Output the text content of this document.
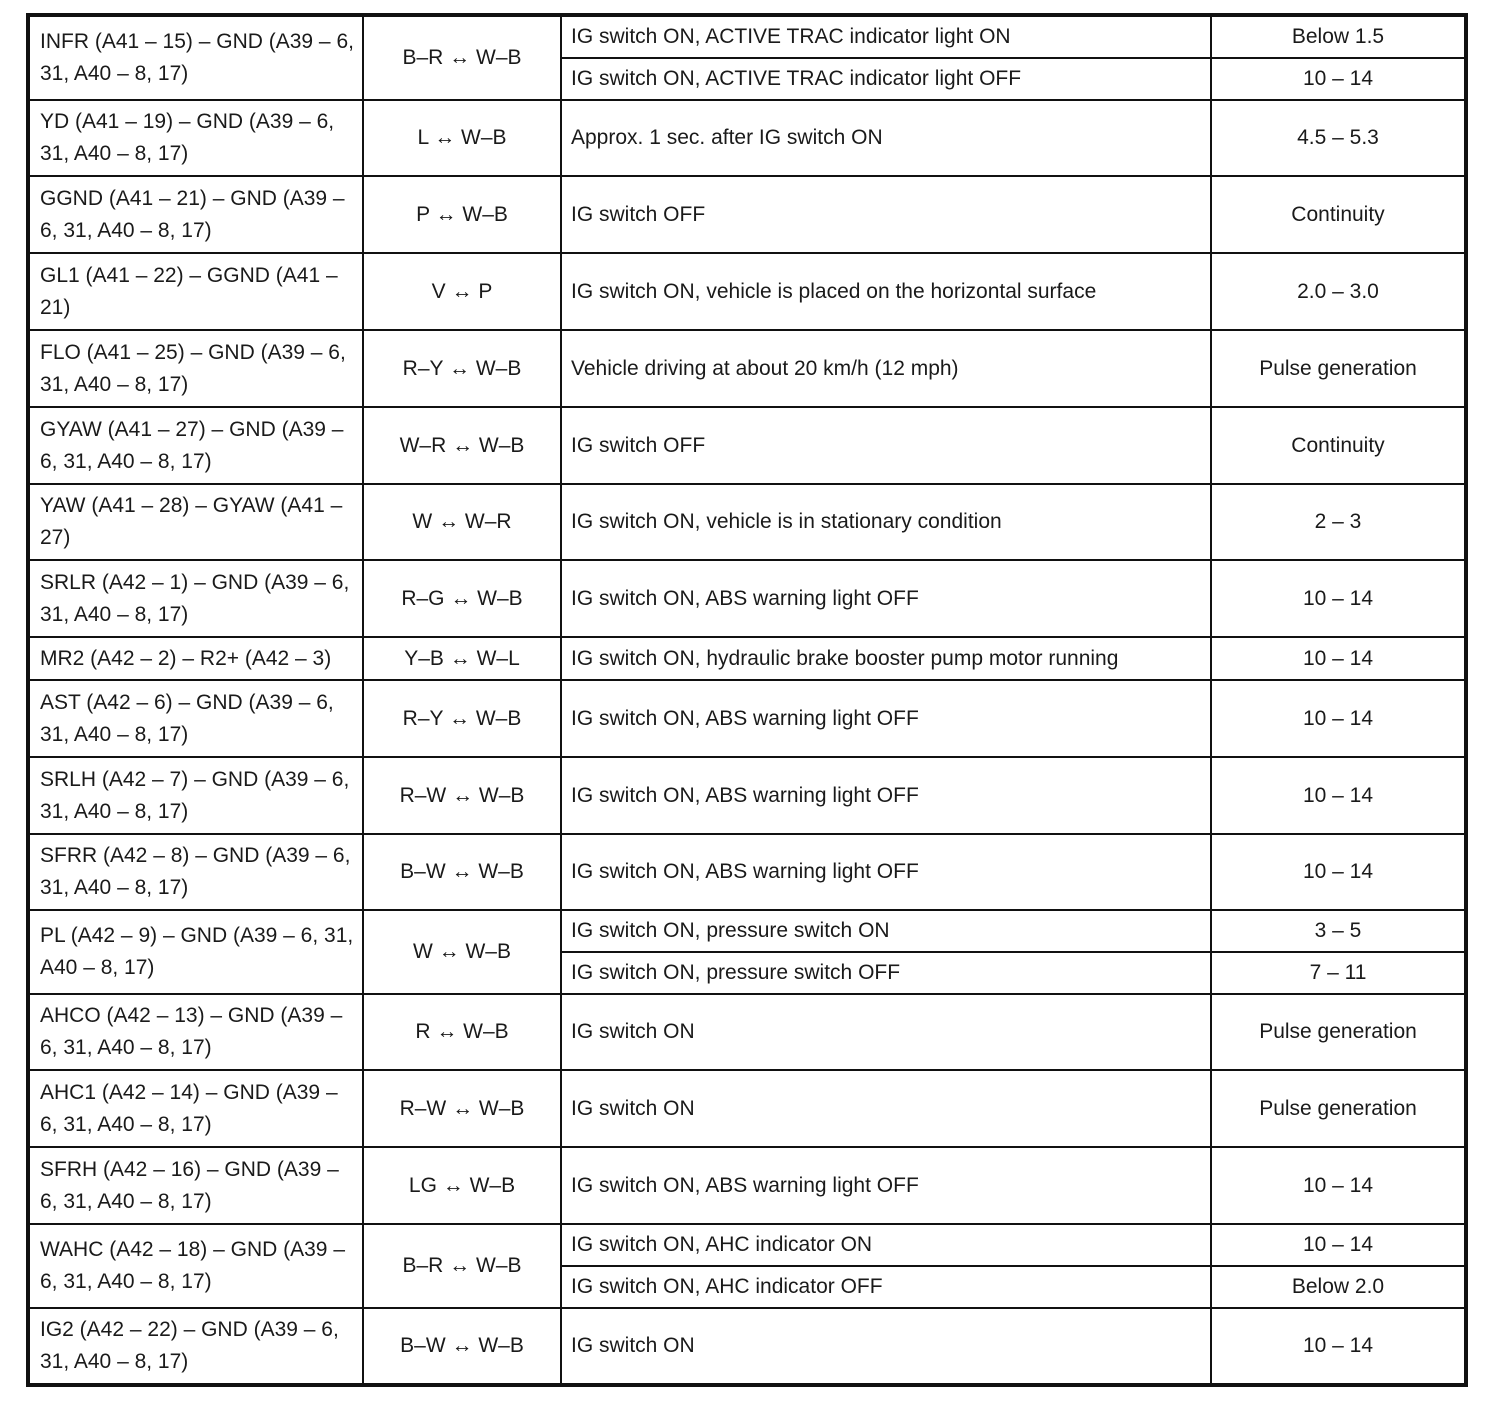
INFR (A41 – 15) – GND (A39 – 6, 31, A40 – 8, 17)	B–R ↔ W–B	IG switch ON, ACTIVE TRAC indicator light ON	Below 1.5
		IG switch ON, ACTIVE TRAC indicator light OFF	10 – 14
YD (A41 – 19) – GND (A39 – 6, 31, A40 – 8, 17)	L ↔ W–B	Approx. 1 sec. after IG switch ON	4.5 – 5.3
GGND (A41 – 21) – GND (A39 – 6, 31, A40 – 8, 17)	P ↔ W–B	IG switch OFF	Continuity
GL1 (A41 – 22) – GGND (A41 – 21)	V ↔ P	IG switch ON, vehicle is placed on the horizontal surface	2.0 – 3.0
FLO (A41 – 25) – GND (A39 – 6, 31, A40 – 8, 17)	R–Y ↔ W–B	Vehicle driving at about 20 km/h (12 mph)	Pulse generation
GYAW (A41 – 27) – GND (A39 – 6, 31, A40 – 8, 17)	W–R ↔ W–B	IG switch OFF	Continuity
YAW (A41 – 28) – GYAW (A41 – 27)	W ↔ W–R	IG switch ON, vehicle is in stationary condition	2 – 3
SRLR (A42 – 1) – GND (A39 – 6, 31, A40 – 8, 17)	R–G ↔ W–B	IG switch ON, ABS warning light OFF	10 – 14
MR2 (A42 – 2) – R2+ (A42 – 3)	Y–B ↔ W–L	IG switch ON, hydraulic brake booster pump motor running	10 – 14
AST (A42 – 6) – GND (A39 – 6, 31, A40 – 8, 17)	R–Y ↔ W–B	IG switch ON, ABS warning light OFF	10 – 14
SRLH (A42 – 7) – GND (A39 – 6, 31, A40 – 8, 17)	R–W ↔ W–B	IG switch ON, ABS warning light OFF	10 – 14
SFRR (A42 – 8) – GND (A39 – 6, 31, A40 – 8, 17)	B–W ↔ W–B	IG switch ON, ABS warning light OFF	10 – 14
PL (A42 – 9) – GND (A39 – 6, 31, A40 – 8, 17)	W ↔ W–B	IG switch ON, pressure switch ON	3 – 5
		IG switch ON, pressure switch OFF	7 – 11
AHCO (A42 – 13) – GND (A39 – 6, 31, A40 – 8, 17)	R ↔ W–B	IG switch ON	Pulse generation
AHC1 (A42 – 14) – GND (A39 – 6, 31, A40 – 8, 17)	R–W ↔ W–B	IG switch ON	Pulse generation
SFRH (A42 – 16) – GND (A39 – 6, 31, A40 – 8, 17)	LG ↔ W–B	IG switch ON, ABS warning light OFF	10 – 14
WAHC (A42 – 18) – GND (A39 – 6, 31, A40 – 8, 17)	B–R ↔ W–B	IG switch ON, AHC indicator ON	10 – 14
		IG switch ON, AHC indicator OFF	Below 2.0
IG2 (A42 – 22) – GND (A39 – 6, 31, A40 – 8, 17)	B–W ↔ W–B	IG switch ON	10 – 14
